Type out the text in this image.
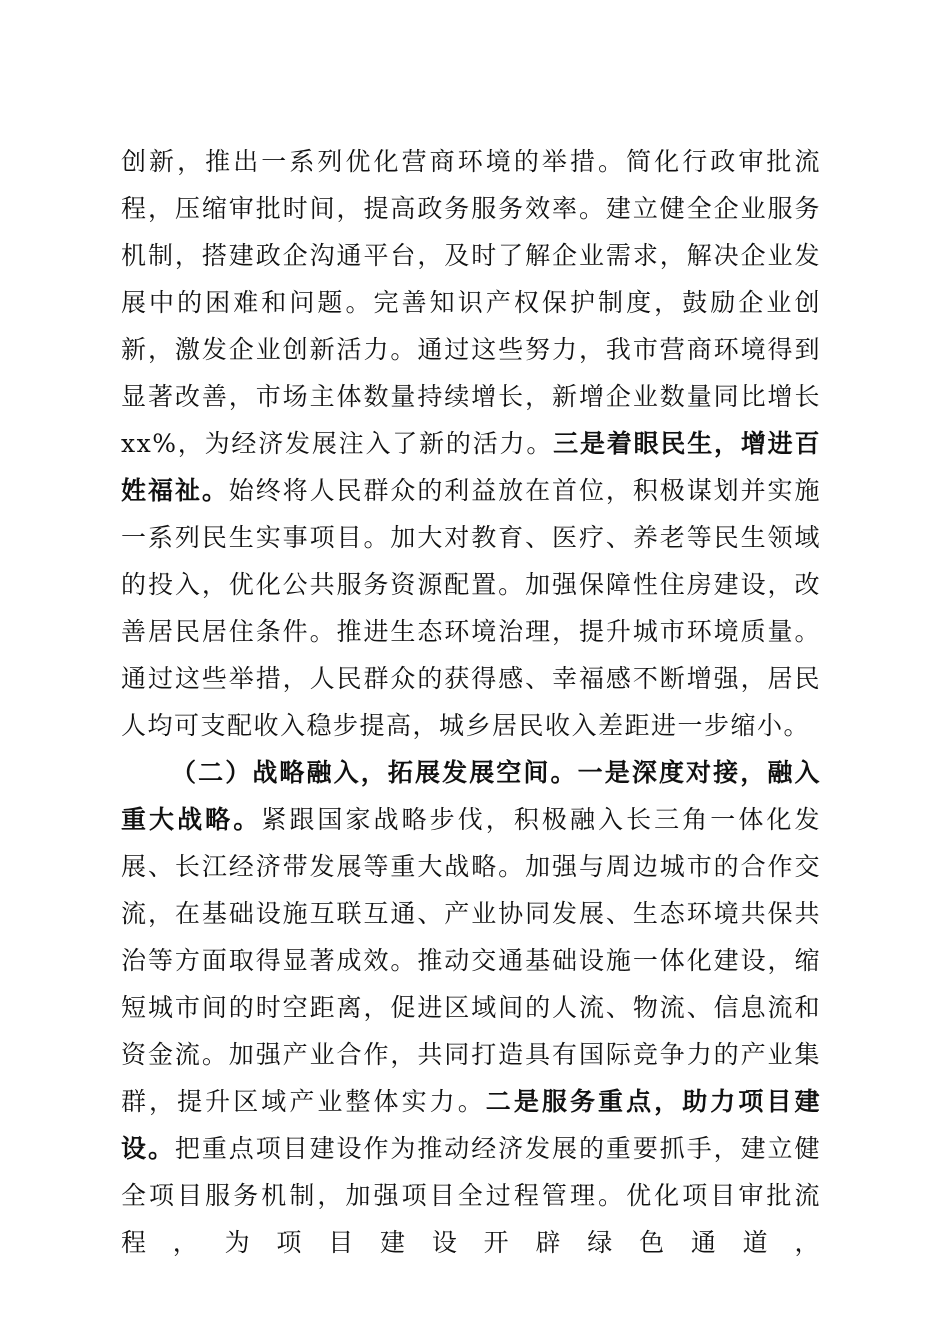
创新，推出一系列优化营商环境的举措。简化行政审批流程，压缩审批时间，提高政务服务效率。建立健全企业服务机制，搭建政企沟通平台，及时了解企业需求，解决企业发展中的困难和问题。完善知识产权保护制度，鼓励企业创新，激发企业创新活力。通过这些努力，我市营商环境得到显著改善，市场主体数量持续增长，新增企业数量同比增长 xx%，为经济发展注入了新的活力。三是着眼民生，增进百姓福祉。始终将人民群众的利益放在首位，积极谋划并实施一系列民生实事项目。加大对教育、医疗、养老等民生领域的投入，优化公共服务资源配置。加强保障性住房建设，改善居民居住条件。推进生态环境治理，提升城市环境质量。通过这些举措，人民群众的获得感、幸福感不断增强，居民人均可支配收入稳步提高，城乡居民收入差距进一步缩小。

（二）战略融入，拓展发展空间。一是深度对接，融入重大战略。紧跟国家战略步伐，积极融入长三角一体化发展、长江经济带发展等重大战略。加强与周边城市的合作交流，在基础设施互联互通、产业协同发展、生态环境共保共治等方面取得显著成效。推动交通基础设施一体化建设，缩短城市间的时空距离，促进区域间的人流、物流、信息流和资金流。加强产业合作，共同打造具有国际竞争力的产业集群，提升区域产业整体实力。二是服务重点，助力项目建设。把重点项目建设作为推动经济发展的重要抓手，建立健全项目服务机制，加强项目全过程管理。优化项目审批流程，为项目建设开辟绿色通道，
